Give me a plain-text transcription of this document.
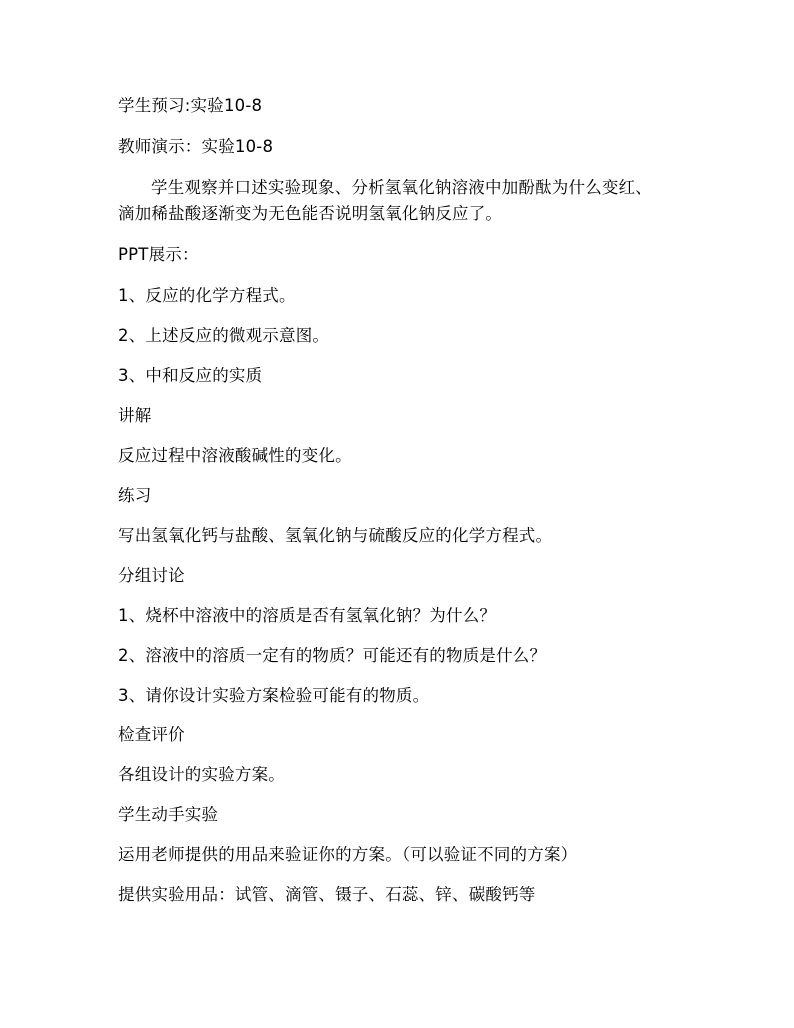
学生预习:实验10-8
教师演示：实验10-8
学生观察并口述实验现象、分析氢氧化钠溶液中加酚酞为什么变红、
滴加稀盐酸逐渐变为无色能否说明氢氧化钠反应了。
PPT展示：
1、反应的化学方程式。
2、上述反应的微观示意图。
3、中和反应的实质
讲解
反应过程中溶液酸碱性的变化。
练习
写出氢氧化钙与盐酸、氢氧化钠与硫酸反应的化学方程式。
分组讨论
1、烧杯中溶液中的溶质是否有氢氧化钠？为什么？
2、溶液中的溶质一定有的物质？可能还有的物质是什么？
3、请你设计实验方案检验可能有的物质。
检查评价
各组设计的实验方案。
学生动手实验
运用老师提供的用品来验证你的方案。（可以验证不同的方案）
提供实验用品：试管、滴管、镊子、石蕊、锌、碳酸钙等
